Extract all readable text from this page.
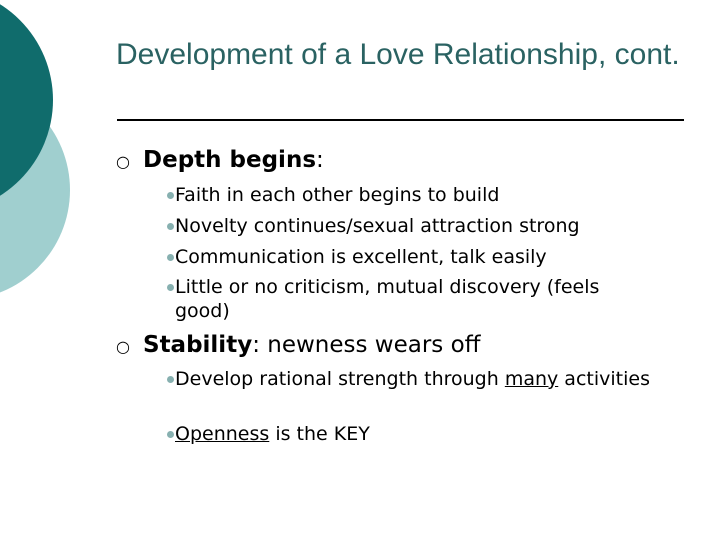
Development of a Love Relationship, cont.
○ Depth begins:
Faith in each other begins to build
Novelty continues/sexual attraction strong
Communication is excellent, talk easily
Little or no criticism, mutual discovery (feels good)
○ Stability: newness wears off
Develop rational strength through many activities
Openness is the KEY
